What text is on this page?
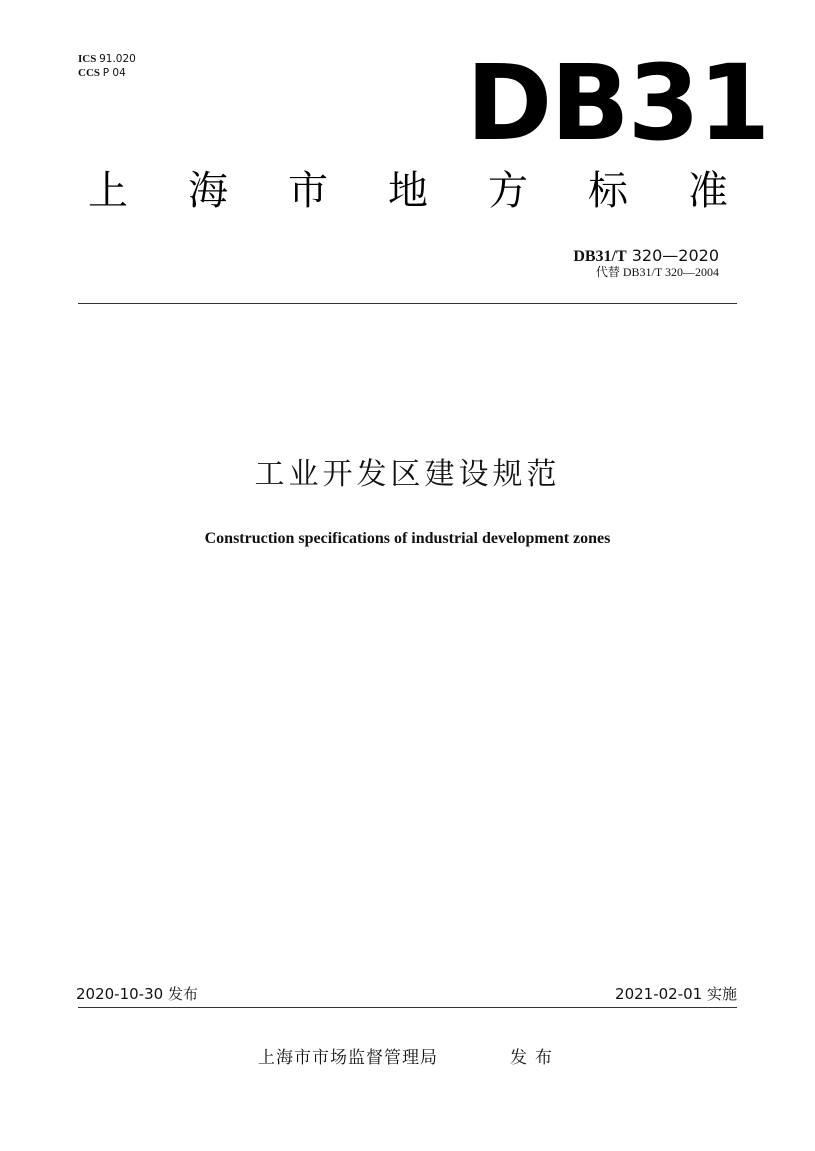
ICS 91.020
CCS P 04	DB31
上 海 市 地 方 标 准
DB31/T 320—2020
代替 DB31/T 320—2004
工业开发区建设规范
Construction specifications of industrial development zones
2020-10-30 发布	2021-02-01 实施
上海市市场监督管理局	发布
